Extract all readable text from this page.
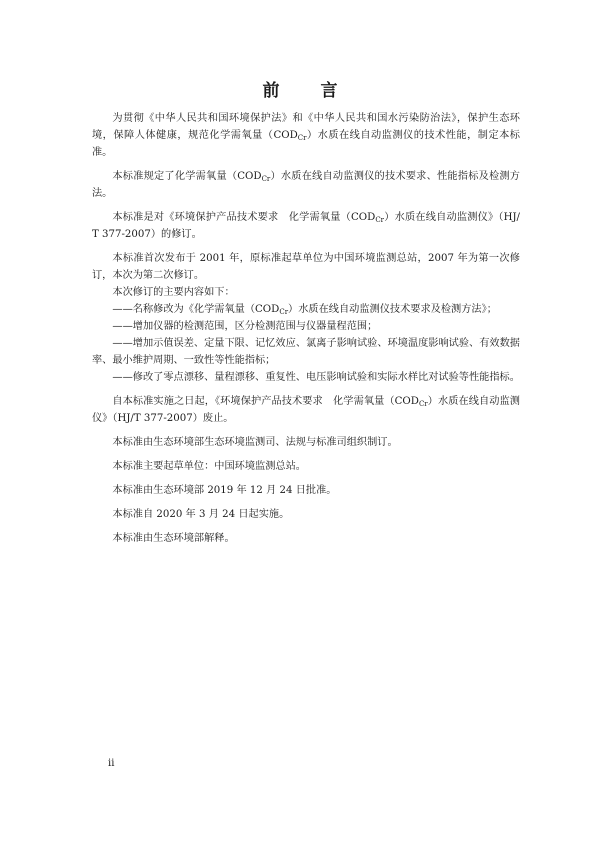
前　言

为贯彻《中华人民共和国环境保护法》和《中华人民共和国水污染防治法》，保护生态环境，保障人体健康，规范化学需氧量$(COD_{Cr})$水质在线自动监测仪的技术性能，制定本标准。

本标准规定了化学需氧量$(COD_{Cr})$水质在线自动监测仪的技术要求、性能指标及检测方法。

本标准是对《环境保护产品技术要求　化学需氧量$(COD_{Cr})$水质在线自动监测仪》（HJ/T 377-2007）的修订。

本标准首次发布于 2001 年，原标准起草单位为中国环境监测总站，2007 年为第一次修订，本次为第二次修订。

本次修订的主要内容如下：

——名称修改为《化学需氧量$(COD_{Cr})$水质在线自动监测仪技术要求及检测方法》；

——增加仪器的检测范围，区分检测范围与仪器量程范围；

——增加示值误差、定量下限、记忆效应、氯离子影响试验、环境温度影响试验、有效数据率、最小维护周期、一致性等性能指标；

——修改了零点漂移、量程漂移、重复性、电压影响试验和实际水样比对试验等性能指标。

自本标准实施之日起，《环境保护产品技术要求　化学需氧量$(COD_{Cr})$水质在线自动监测仪》（HJ/T 377-2007）废止。

本标准由生态环境部生态环境监测司、法规与标准司组织制订。

本标准主要起草单位：中国环境监测总站。

本标准由生态环境部 2019 年 12 月 24 日批准。

本标准自 2020 年 3 月 24 日起实施。

本标准由生态环境部解释。

ii
